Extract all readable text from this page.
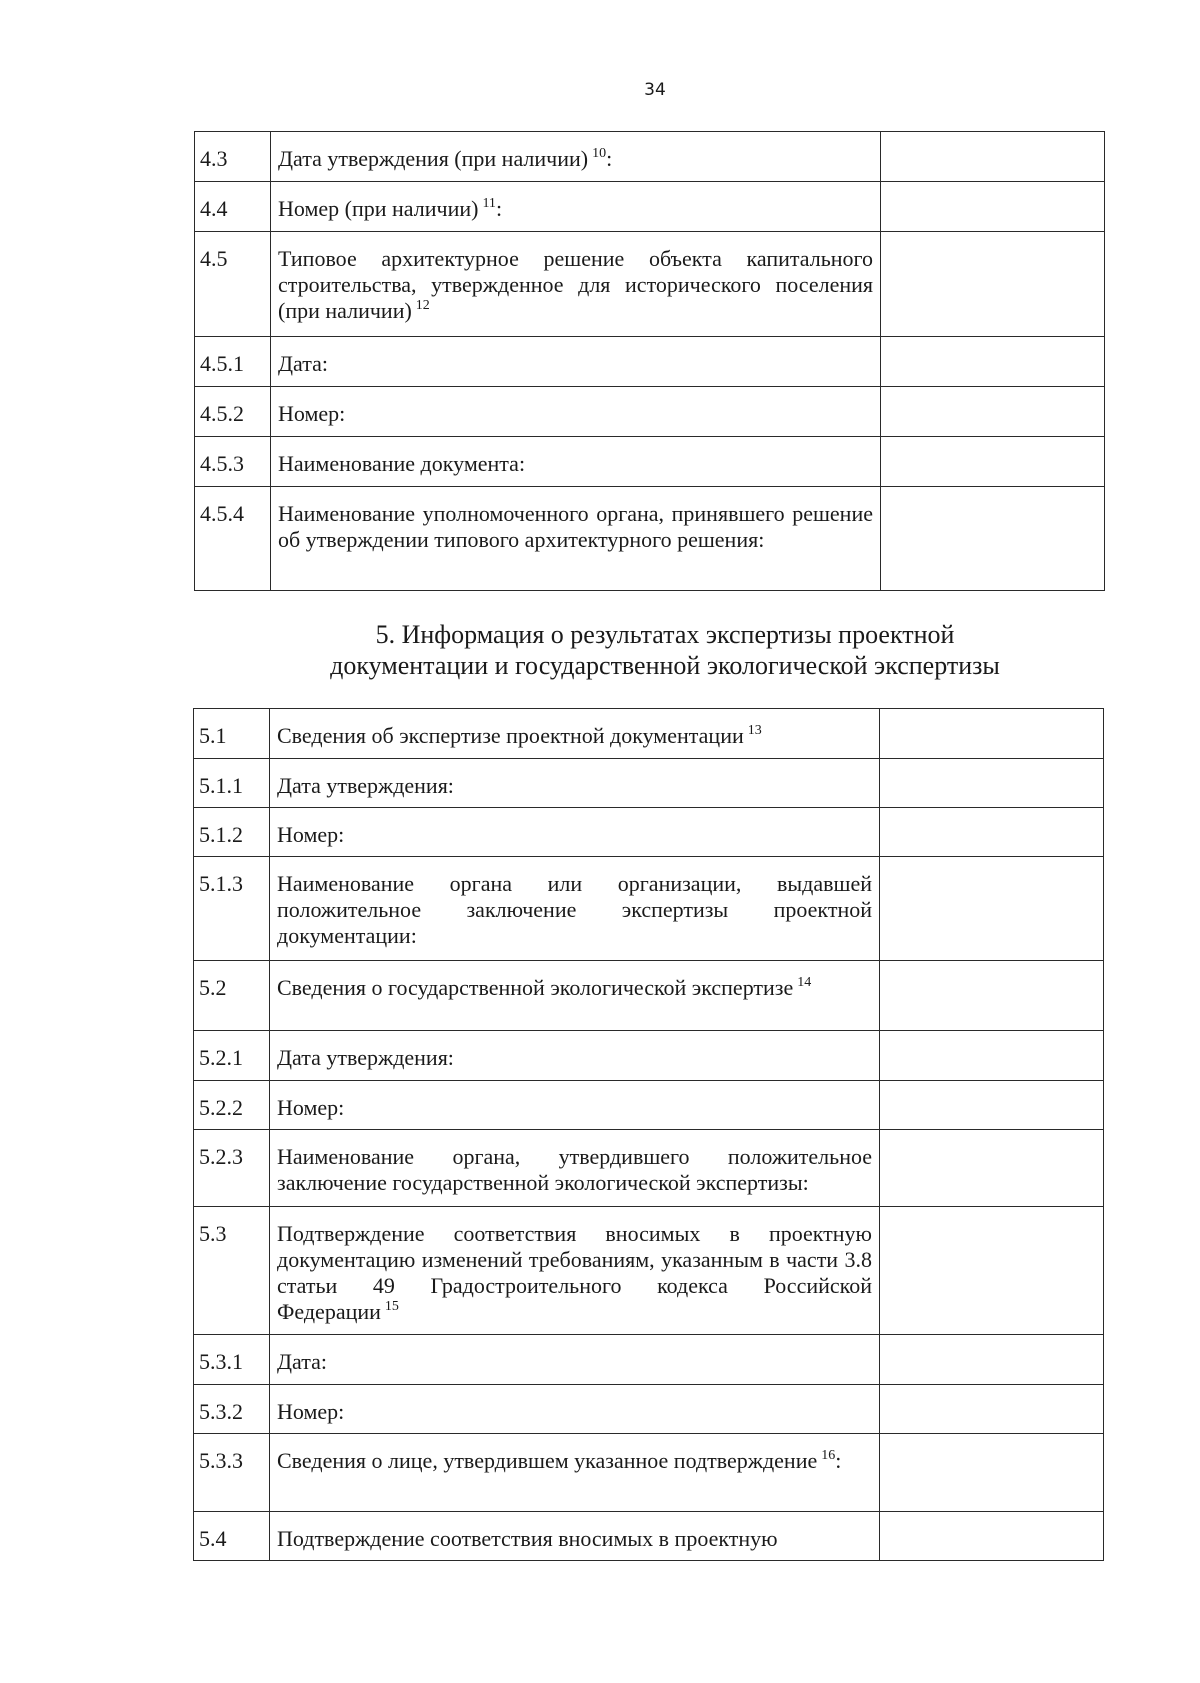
34
4.3	Дата утверждения (при наличии) $^{10}$:	
4.4	Номер (при наличии) $^{11}$:	
4.5	Типовое архитектурное решение объекта капитального строительства, утвержденное для исторического поселения (при наличии) $^{12}$	
4.5.1	Дата:	
4.5.2	Номер:	
4.5.3	Наименование документа:	
4.5.4	Наименование уполномоченного органа, принявшего решение об утверждении типового архитектурного решения:	
5. Информация о результатах экспертизы проектной документации и государственной экологической экспертизы
5.1	Сведения об экспертизе проектной документации $^{13}$	
5.1.1	Дата утверждения:	
5.1.2	Номер:	
5.1.3	Наименование органа или организации, выдавшей положительное заключение экспертизы проектной документации:	
5.2	Сведения о государственной экологической экспертизе $^{14}$	
5.2.1	Дата утверждения:	
5.2.2	Номер:	
5.2.3	Наименование органа, утвердившего положительное заключение государственной экологической экспертизы:	
5.3	Подтверждение соответствия вносимых в проектную документацию изменений требованиям, указанным в части 3.8 статьи 49 Градостроительного кодекса Российской Федерации $^{15}$	
5.3.1	Дата:	
5.3.2	Номер:	
5.3.3	Сведения о лице, утвердившем указанное подтверждение $^{16}$:	
5.4	Подтверждение соответствия вносимых в проектную	
